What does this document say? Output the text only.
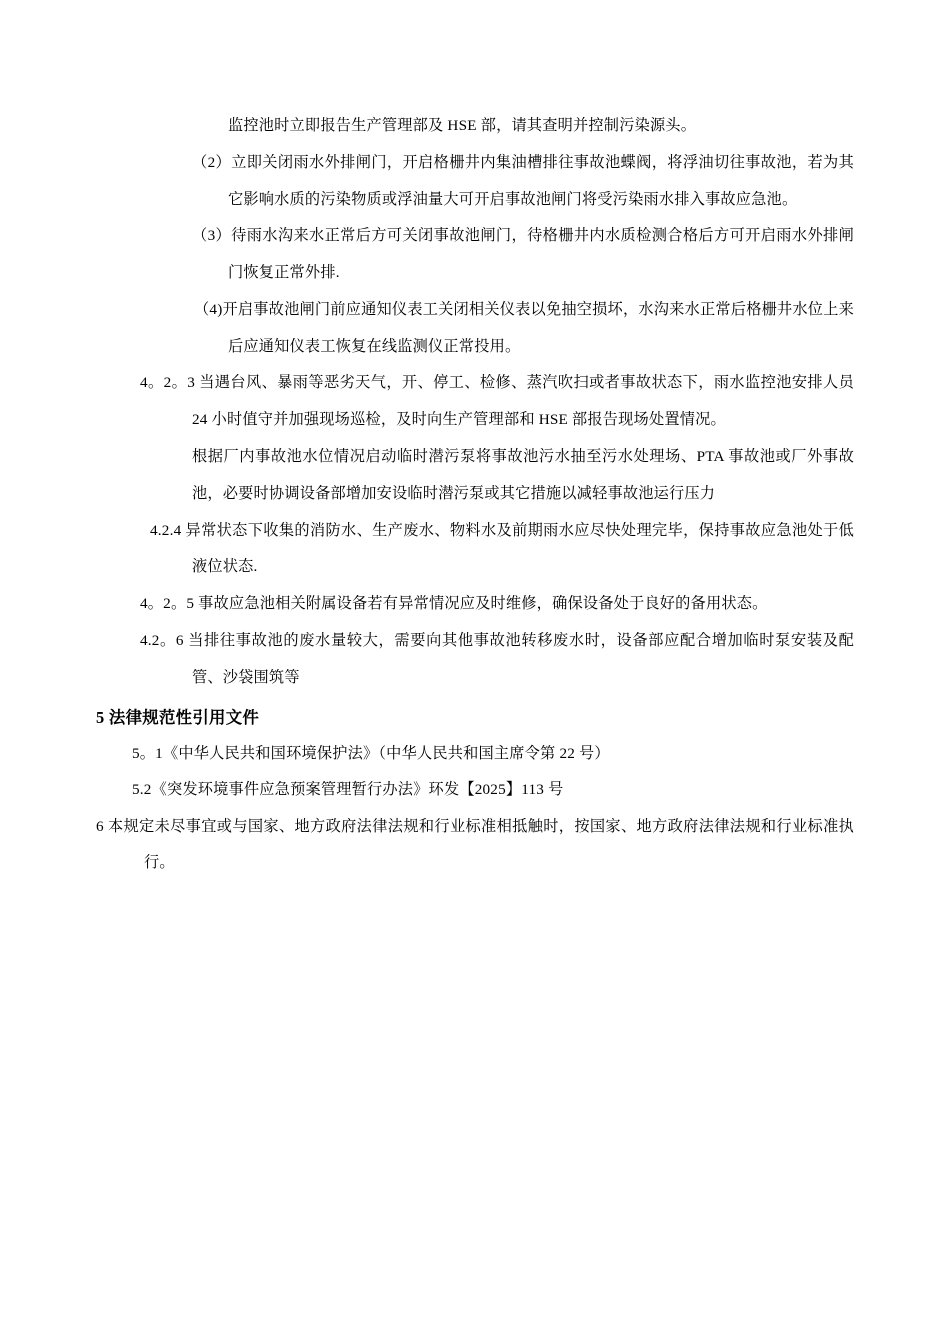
监控池时立即报告生产管理部及 HSE 部，请其查明并控制污染源头。

（2）立即关闭雨水外排闸门，开启格栅井内集油槽排往事故池蝶阀，将浮油切往事故池，若为其它影响水质的污染物质或浮油量大可开启事故池闸门将受污染雨水排入事故应急池。

（3）待雨水沟来水正常后方可关闭事故池闸门，待格栅井内水质检测合格后方可开启雨水外排闸门恢复正常外排.

（4)开启事故池闸门前应通知仪表工关闭相关仪表以免抽空损坏，水沟来水正常后格栅井水位上来后应通知仪表工恢复在线监测仪正常投用。

4。2。3 当遇台风、暴雨等恶劣天气，开、停工、检修、蒸汽吹扫或者事故状态下，雨水监控池安排人员 24 小时值守并加强现场巡检，及时向生产管理部和 HSE 部报告现场处置情况。

根据厂内事故池水位情况启动临时潜污泵将事故池污水抽至污水处理场、PTA 事故池或厂外事故池，必要时协调设备部增加安设临时潜污泵或其它措施以减轻事故池运行压力

4.2.4 异常状态下收集的消防水、生产废水、物料水及前期雨水应尽快处理完毕，保持事故应急池处于低液位状态.

4。2。5 事故应急池相关附属设备若有异常情况应及时维修，确保设备处于良好的备用状态。

4.2。6 当排往事故池的废水量较大，需要向其他事故池转移废水时，设备部应配合增加临时泵安装及配管、沙袋围筑等

5 法律规范性引用文件

5。1《中华人民共和国环境保护法》（中华人民共和国主席令第 22 号）

5.2《突发环境事件应急预案管理暂行办法》环发【2025】113 号

6 本规定未尽事宜或与国家、地方政府法律法规和行业标准相抵触时，按国家、地方政府法律法规和行业标准执行。
